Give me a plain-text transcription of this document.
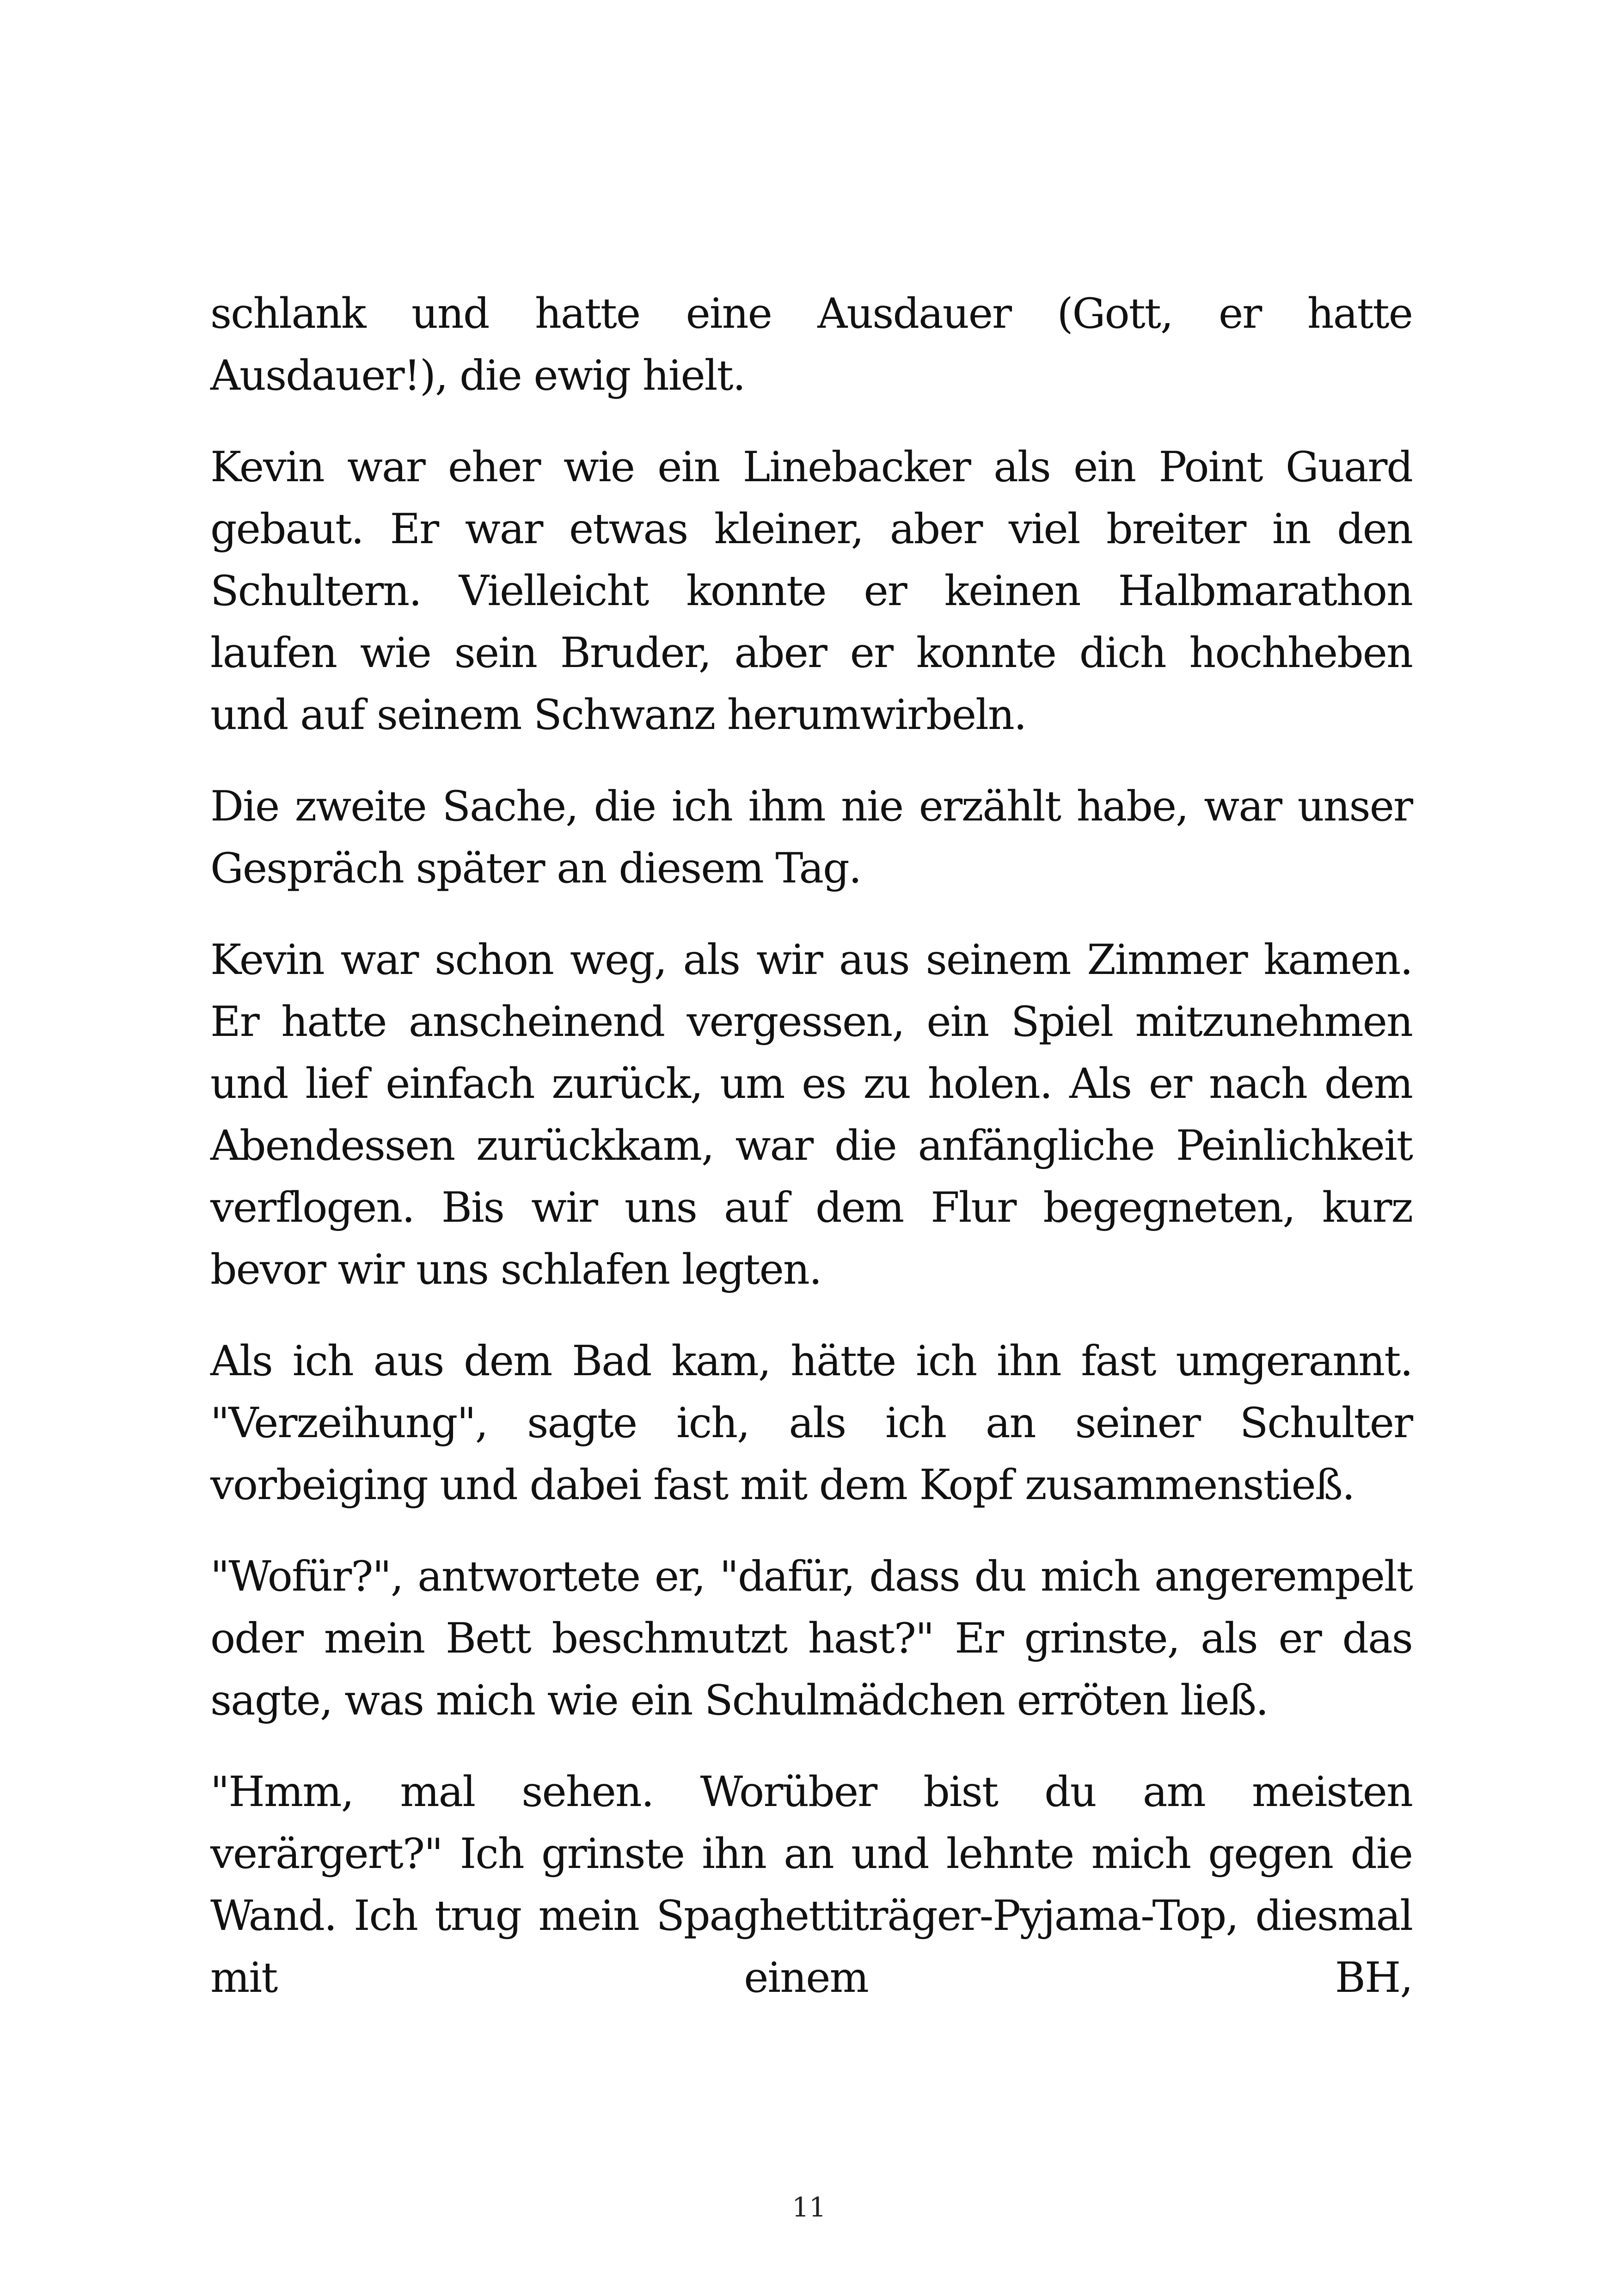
schlank und hatte eine Ausdauer (Gott, er hatte Ausdauer!), die ewig hielt.

Kevin war eher wie ein Linebacker als ein Point Guard gebaut. Er war etwas kleiner, aber viel breiter in den Schultern. Vielleicht konnte er keinen Halbmarathon laufen wie sein Bruder, aber er konnte dich hochheben und auf seinem Schwanz herumwirbeln.

Die zweite Sache, die ich ihm nie erzählt habe, war unser Gespräch später an diesem Tag.

Kevin war schon weg, als wir aus seinem Zimmer kamen. Er hatte anscheinend vergessen, ein Spiel mitzunehmen und lief einfach zurück, um es zu holen. Als er nach dem Abendessen zurückkam, war die anfängliche Peinlichkeit verflogen. Bis wir uns auf dem Flur begegneten, kurz bevor wir uns schlafen legten.

Als ich aus dem Bad kam, hätte ich ihn fast umgerannt. "Verzeihung", sagte ich, als ich an seiner Schulter vorbeiging und dabei fast mit dem Kopf zusammenstieß.

"Wofür?", antwortete er, "dafür, dass du mich angerempelt oder mein Bett beschmutzt hast?" Er grinste, als er das sagte, was mich wie ein Schulmädchen erröten ließ.

"Hmm, mal sehen. Worüber bist du am meisten verärgert?" Ich grinste ihn an und lehnte mich gegen die Wand. Ich trug mein Spaghettiträger-Pyjama-Top, diesmal mit einem BH,

11
